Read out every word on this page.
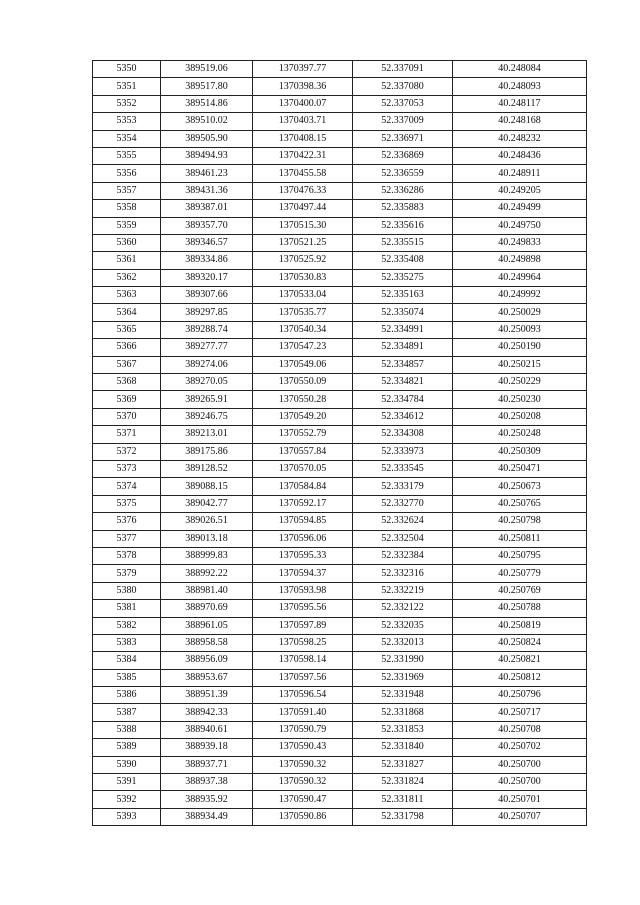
5350	389519.06	1370397.77	52.337091	40.248084
5351	389517.80	1370398.36	52.337080	40.248093
5352	389514.86	1370400.07	52.337053	40.248117
5353	389510.02	1370403.71	52.337009	40.248168
5354	389505.90	1370408.15	52.336971	40.248232
5355	389494.93	1370422.31	52.336869	40.248436
5356	389461.23	1370455.58	52.336559	40.248911
5357	389431.36	1370476.33	52.336286	40.249205
5358	389387.01	1370497.44	52.335883	40.249499
5359	389357.70	1370515.30	52.335616	40.249750
5360	389346.57	1370521.25	52.335515	40.249833
5361	389334.86	1370525.92	52.335408	40.249898
5362	389320.17	1370530.83	52.335275	40.249964
5363	389307.66	1370533.04	52.335163	40.249992
5364	389297.85	1370535.77	52.335074	40.250029
5365	389288.74	1370540.34	52.334991	40.250093
5366	389277.77	1370547.23	52.334891	40.250190
5367	389274.06	1370549.06	52.334857	40.250215
5368	389270.05	1370550.09	52.334821	40.250229
5369	389265.91	1370550.28	52.334784	40.250230
5370	389246.75	1370549.20	52.334612	40.250208
5371	389213.01	1370552.79	52.334308	40.250248
5372	389175.86	1370557.84	52.333973	40.250309
5373	389128.52	1370570.05	52.333545	40.250471
5374	389088.15	1370584.84	52.333179	40.250673
5375	389042.77	1370592.17	52.332770	40.250765
5376	389026.51	1370594.85	52.332624	40.250798
5377	389013.18	1370596.06	52.332504	40.250811
5378	388999.83	1370595.33	52.332384	40.250795
5379	388992.22	1370594.37	52.332316	40.250779
5380	388981.40	1370593.98	52.332219	40.250769
5381	388970.69	1370595.56	52.332122	40.250788
5382	388961.05	1370597.89	52.332035	40.250819
5383	388958.58	1370598.25	52.332013	40.250824
5384	388956.09	1370598.14	52.331990	40.250821
5385	388953.67	1370597.56	52.331969	40.250812
5386	388951.39	1370596.54	52.331948	40.250796
5387	388942.33	1370591.40	52.331868	40.250717
5388	388940.61	1370590.79	52.331853	40.250708
5389	388939.18	1370590.43	52.331840	40.250702
5390	388937.71	1370590.32	52.331827	40.250700
5391	388937.38	1370590.32	52.331824	40.250700
5392	388935.92	1370590.47	52.331811	40.250701
5393	388934.49	1370590.86	52.331798	40.250707
